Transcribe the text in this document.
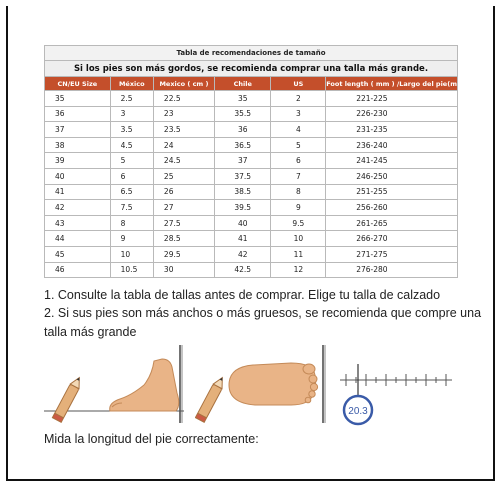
Tabla de recomendaciones de tamaño					
Si los pies son más gordos, se recomienda comprar una talla más grande.					
CN/EU Size	México	Mexico ( cm )	Chile	US	Foot length ( mm ) /Largo del pie(m
35	2.5	22.5	35	2	221-225
36	3	23	35.5	3	226-230
37	3.5	23.5	36	4	231-235
38	4.5	24	36.5	5	236-240
39	5	24.5	37	6	241-245
40	6	25	37.5	7	246-250
41	6.5	26	38.5	8	251-255
42	7.5	27	39.5	9	256-260
43	8	27.5	40	9.5	261-265
44	9	28.5	41	10	266-270
45	10	29.5	42	11	271-275
46	10.5	30	42.5	12	276-280
1. Consulte la tabla de tallas antes de comprar. Elige tu talla de calzado
2. Si sus pies son más anchos o más gruesos, se recomienda que compre una
talla más grande
20.3
Mida la longitud del pie correctamente:
